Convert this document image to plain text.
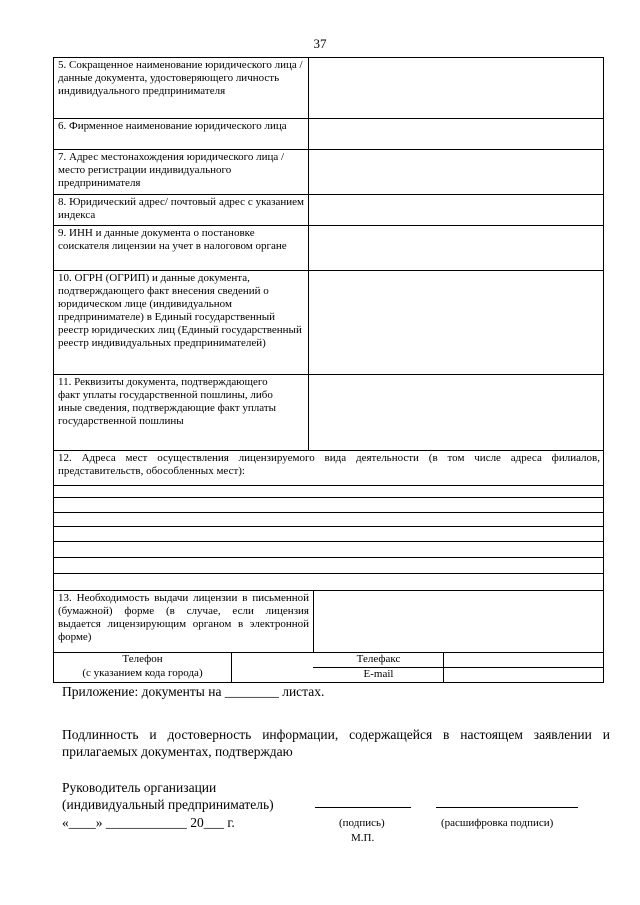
37
5. Сокращенное наименование юридического лица / данные документа, удостоверяющего личность индивидуального предпринимателя
6. Фирменное наименование юридического лица
7. Адрес местонахождения юридического лица / место регистрации индивидуального предпринимателя
8. Юридический адрес/ почтовый адрес с указанием индекса
9. ИНН и данные документа о постановке соискателя лицензии на учет в налоговом органе
10. ОГРН (ОГРИП) и данные документа, подтверждающего факт внесения сведений о юридическом лице (индивидуальном предпринимателе) в Единый государственный реестр юридических лиц (Единый государственный реестр индивидуальных предпринимателей)
11. Реквизиты документа, подтверждающего факт уплаты государственной пошлины, либо иные сведения, подтверждающие факт уплаты государственной пошлины
12. Адреса мест осуществления лицензируемого вида деятельности (в том числе адреса филиалов, представительств, обособленных мест):
13. Необходимость выдачи лицензии в письменной (бумажной) форме (в случае, если лицензия выдается лицензирующим органом в электронной форме)
Телефон
(с указанием кода города)
Телефакс
E-mail
Приложение: документы на ________ листах.
Подлинность и достоверность информации, содержащейся в настоящем заявлении и прилагаемых документах, подтверждаю
Руководитель организации
(индивидуальный предприниматель)
«____» ____________ 20___ г.	(подпись)	(расшифровка подписи)
М.П.
